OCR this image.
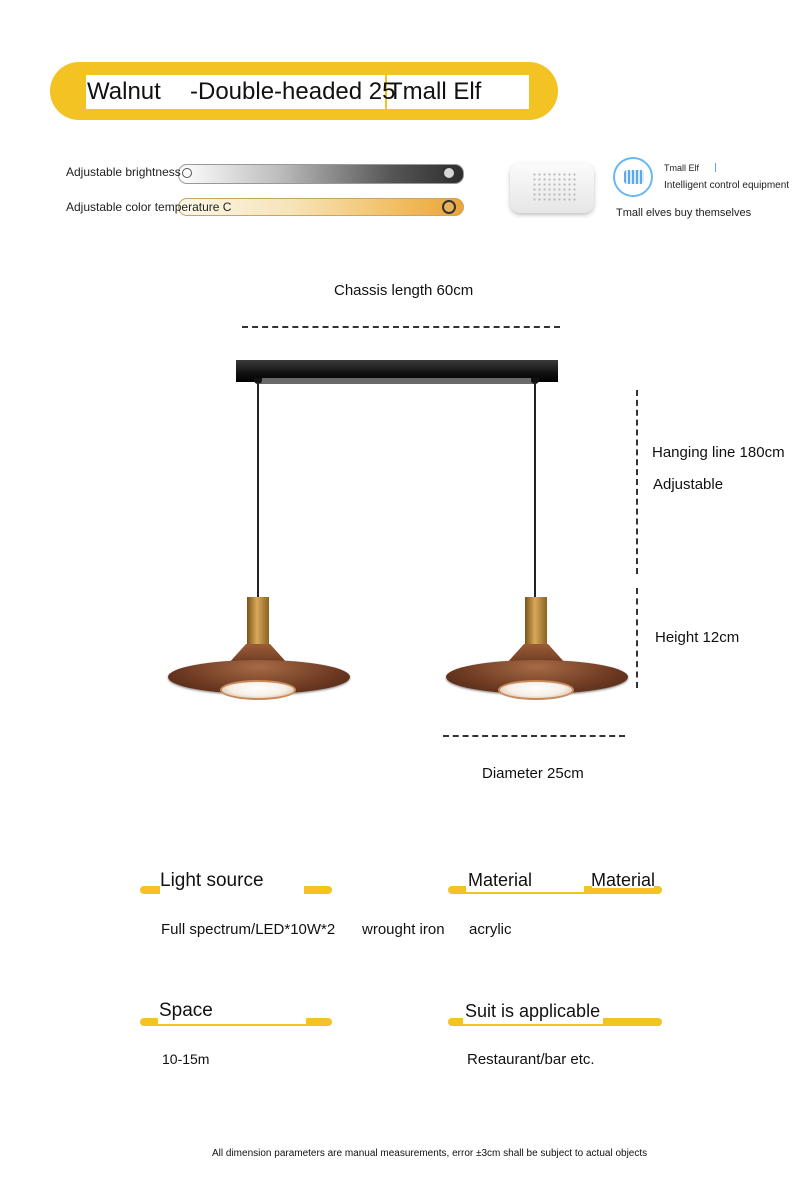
Walnut -Double-headed 25
Tmall Elf
Adjustable brightness
Adjustable color temperature C
Tmall Elf
Intelligent control equipment
Tmall elves buy themselves
Chassis length 60cm
Hanging line 180cm
Adjustable
Height 12cm
Diameter 25cm
Light source	Material	Material
Full spectrum/LED*10W*2 wrought iron acrylic
Space
10-15m
Suit is applicable
Restaurant/bar etc.
All dimension parameters are manual measurements, error ±3cm shall be subject to actual objects
